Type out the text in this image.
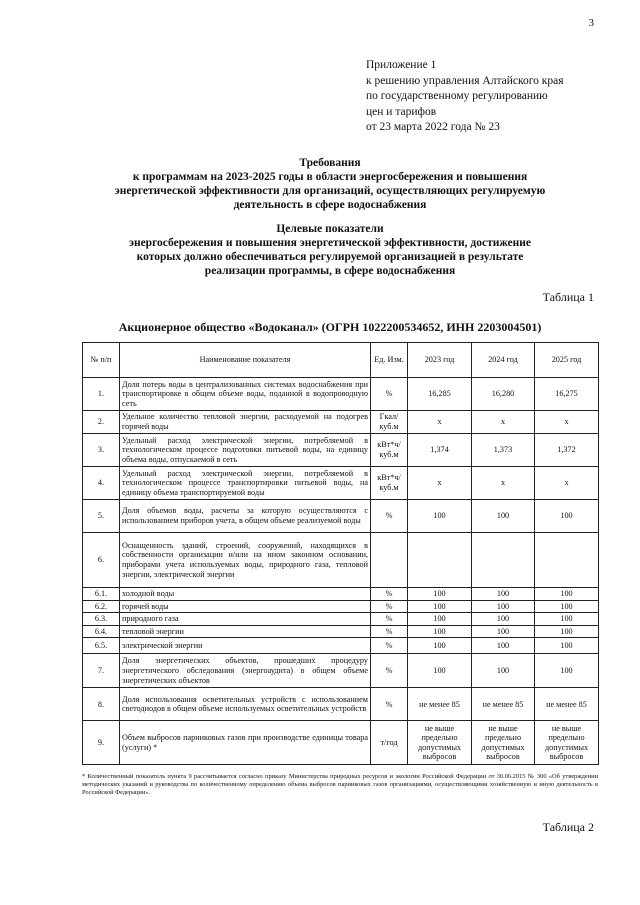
3
Приложение 1
к решению управления Алтайского края
по государственному регулированию
цен и тарифов
от 23 марта 2022 года № 23
Требования
к программам на 2023-2025 годы в области энергосбережения и повышения
энергетической эффективности для организаций, осуществляющих регулируемую
деятельность в сфере водоснабжения
Целевые показатели
энергосбережения и повышения энергетической эффективности, достижение
которых должно обеспечиваться регулируемой организацией в результате
реализации программы, в сфере водоснабжения
Таблица 1
Акционерное общество «Водоканал» (ОГРН 1022200534652, ИНН 2203004501)
№ п/п	Наименование показателя	Ед. Изм.	2023 год	2024 год	2025 год
1.	Доля потерь воды в централизованных системах водоснабжения при транспортировке в общем объеме воды, поданной в водопроводную сеть	%	16,285	16,280	16,275
2.	Удельное количество тепловой энергии, расходуемой на подогрев горячей воды	Гкал/ куб.м	x	x	x
3.	Удельный расход электрической энергии, потребляемой в технологическом процессе подготовки питьевой воды, на единицу объема воды, отпускаемой в сеть	кВт*ч/ куб.м	1,374	1,373	1,372
4.	Удельный расход электрической энергии, потребляемой в технологическом процессе транспортировки питьевой воды, на единицу объема транспортируемой воды	кВт*ч/ куб.м	x	x	x
5.	Доля объемов воды, расчеты за которую осуществляются с использованием приборов учета, в общем объеме реализуемой воды	%	100	100	100
6.	Оснащенность зданий, строений, сооружений, находящихся в собственности организации и/или на ином законном основании, приборами учета используемых воды, природного газа, тепловой энергии, электрической энергии				
6.1.	холодной воды	%	100	100	100
6.2.	горячей воды	%	100	100	100
6.3.	природного газа	%	100	100	100
6.4.	тепловой энергии	%	100	100	100
6.5.	электрической энергии	%	100	100	100
7.	Доля энергетических объектов, прошедших процедуру энергетического обследования (энергоаудита) в общем объеме энергетических объектов	%	100	100	100
8.	Доля использования осветительных устройств с использованием светодиодов в общем объеме используемых осветительных устройств	%	не менее 85	не менее 85	не менее 85
9.	Объем выбросов парниковых газов при производстве единицы товара (услуги) *	т/год	не выше предельно допустимых выбросов	не выше предельно допустимых выбросов	не выше предельно допустимых выбросов
* Количественный показатель пункта 9 рассчитывается согласно приказу Министерства природных ресурсов и экологии Российской Федерации от 30.06.2015 № 300 «Об утверждении методических указаний и руководства по количественному определению объема выбросов парниковых газов организациями, осуществляющими хозяйственную и иную деятельность в Российской Федерации».
Таблица 2
